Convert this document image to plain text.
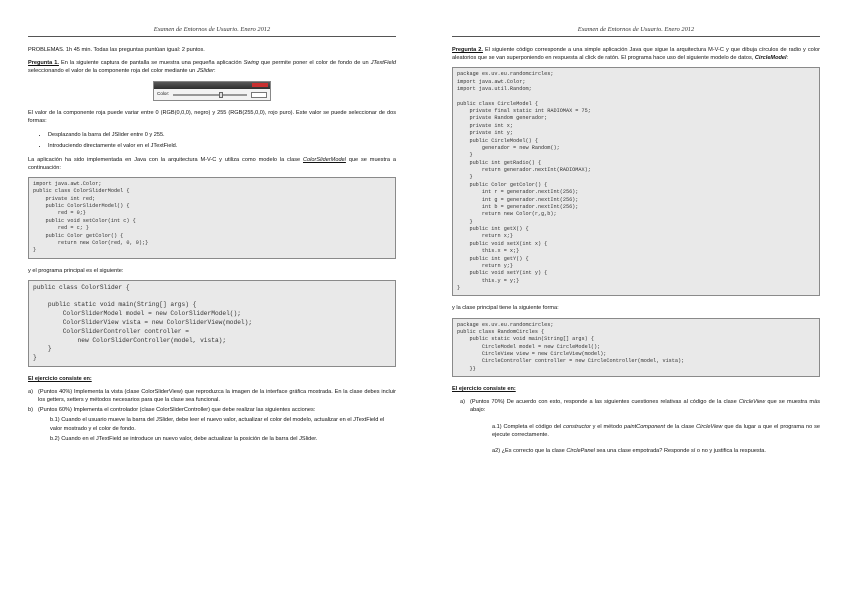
Examen de Entornos de Usuario. Enero 2012

PROBLEMAS. 1h 45 min. Todas las preguntas puntúan igual: 2 puntos.

Pregunta 1. En la siguiente captura de pantalla se muestra una pequeña aplicación Swing que permite poner el color de fondo de un JTextField seleccionando el valor de la componente roja del color mediante un JSlider:

Color:

El valor de la componente roja puede variar entre 0 (RGB(0,0,0), negro) y 255 (RGB(255,0,0), rojo puro). Este valor se puede seleccionar de dos formas:

• Desplazando la barra del JSlider entre 0 y 255.
• Introduciendo directamente el valor en el JTextField.

La aplicación ha sido implementada en Java con la arquitectura M-V-C y utiliza como modelo la clase ColorSliderModel que se muestra a continuación:

import java.awt.Color;
public class ColorSliderModel {
private int red;
public ColorSliderModel() {
red = 0;}
public void setColor(int c) {
red = c; }
public Color getColor() {
return new Color(red, 0, 0);}
}

y el programa principal es el siguiente:

public class ColorSlider {

public static void main(String[] args) {
ColorSliderModel model = new ColorSliderModel();
ColorSliderView vista = new ColorSliderView(model);
ColorSliderController controller =
new ColorSliderController(model, vista);
}
}

El ejercicio consiste en:

a) (Puntos 40%) Implementa la vista (clase ColorSliderView) que reproduzca la imagen de la interface gráfica mostrada. En la clase debes incluir los getters, setters y métodos necesarios para que la clase sea funcional.
b) (Puntos 60%) Implementa el controlador (clase ColorSliderController) que debe realizar las siguientes acciones:
b.1) Cuando el usuario mueve la barra del JSlider, debe leer el nuevo valor, actualizar el color del modelo, actualizar en el JTextField el valor mostrado y el color de fondo.
b.2) Cuando en el JTextField se introduce un nuevo valor, debe actualizar la posición de la barra del JSlider.
Examen de Entornos de Usuario. Enero 2012

Pregunta 2. El siguiente código corresponde a una simple aplicación Java que sigue la arquitectura M-V-C y que dibuja círculos de radio y color aleatorios que se van superponiendo en respuesta al click de ratón. El programa hace uso del siguiente modelo de datos, CircleModel:

package es.uv.eu.randomcircles;
import java.awt.Color;
import java.util.Random;

public class CircleModel {
private final static int RADIOMAX = 75;
private Random generador;
private int x;
private int y;
public CircleModel() {
generador = new Random();
}
public int getRadio() {
return generador.nextInt(RADIOMAX);
}
public Color getColor() {
int r = generador.nextInt(256);
int g = generador.nextInt(256);
int b = generador.nextInt(256);
return new Color(r,g,b);
}
public int getX() {
return x;}
public void setX(int x) {
this.x = x;}
public int getY() {
return y;}
public void setY(int y) {
this.y = y;}
}

y la clase principal tiene la siguiente forma:

package es.uv.eu.randomcircles;
public class RandomCircles {
public static void main(String[] args) {
CircleModel model = new CircleModel();
CircleView view = new CircleView(model);
CircleController controller = new CircleController(model, vista);
}}

El ejercicio consiste en:

a) (Puntos 70%) De acuerdo con esto, responde a las siguientes cuestiones relativas al código de la clase CircleView que se muestra más abajo:

a.1) Completa el código del constructor y el método paintComponent de la clase CircleView que da lugar a que el programa no se ejecute correctamente.

a2) ¿Es correcto que la clase CirclePanel sea una clase empotrada? Responde sí o no y justifica la respuesta.
